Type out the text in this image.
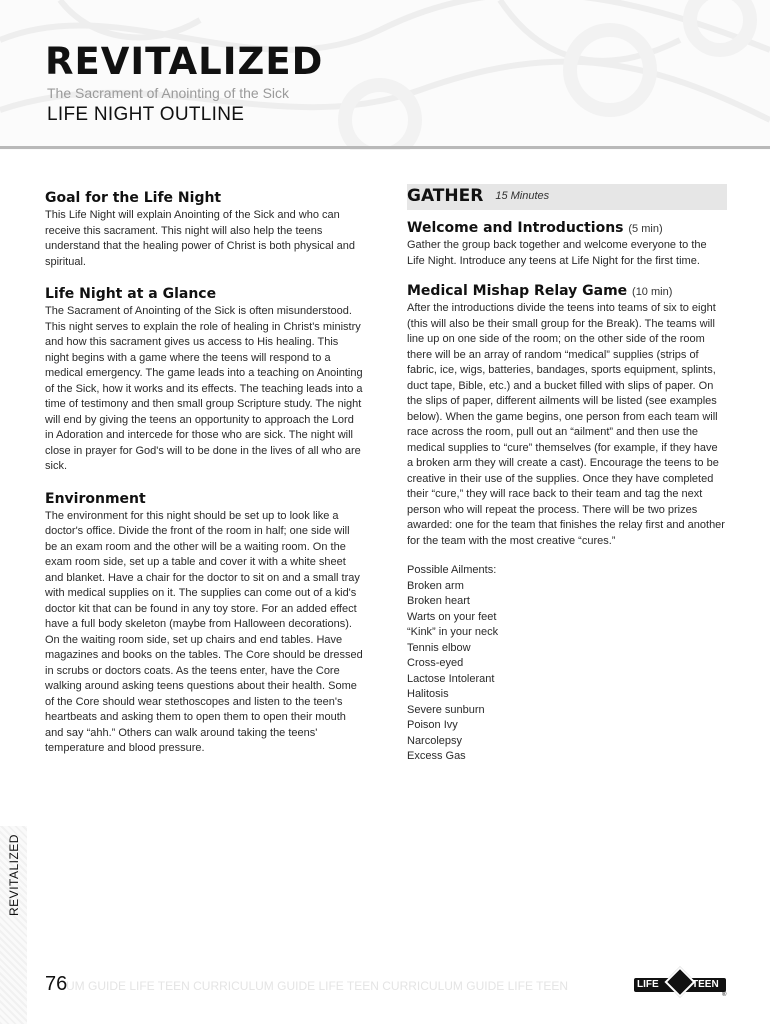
REVITALIZED
The Sacrament of Anointing of the Sick
LIFE NIGHT OUTLINE
Goal for the Life Night

This Life Night will explain Anointing of the Sick and who can receive this sacrament. This night will also help the teens understand that the healing power of Christ is both physical and spiritual.

Life Night at a Glance

The Sacrament of Anointing of the Sick is often misunderstood. This night serves to explain the role of healing in Christ's ministry and how this sacrament gives us access to His healing. This night begins with a game where the teens will respond to a medical emergency. The game leads into a teaching on Anointing of the Sick, how it works and its effects. The teaching leads into a time of testimony and then small group Scripture study. The night will end by giving the teens an opportunity to approach the Lord in Adoration and intercede for those who are sick. The night will close in prayer for God's will to be done in the lives of all who are sick.

Environment

The environment for this night should be set up to look like a doctor's office. Divide the front of the room in half; one side will be an exam room and the other will be a waiting room. On the exam room side, set up a table and cover it with a white sheet and blanket. Have a chair for the doctor to sit on and a small tray with medical supplies on it. The supplies can come out of a kid's doctor kit that can be found in any toy store. For an added effect have a full body skeleton (maybe from Halloween decorations). On the waiting room side, set up chairs and end tables. Have magazines and books on the tables. The Core should be dressed in scrubs or doctors coats. As the teens enter, have the Core walking around asking teens questions about their health. Some of the Core should wear stethoscopes and listen to the teen's heartbeats and asking them to open them to open their mouth and say “ahh.” Others can walk around taking the teens' temperature and blood pressure.

GATHER 15 Minutes
Welcome and Introductions (5 min)

Gather the group back together and welcome everyone to the Life Night. Introduce any teens at Life Night for the first time.

Medical Mishap Relay Game (10 min)

After the introductions divide the teens into teams of six to eight (this will also be their small group for the Break). The teams will line up on one side of the room; on the other side of the room there will be an array of random “medical” supplies (strips of fabric, ice, wigs, batteries, bandages, sports equipment, splints, duct tape, Bible, etc.) and a bucket filled with slips of paper. On the slips of paper, different ailments will be listed (see examples below). When the game begins, one person from each team will race across the room, pull out an “ailment” and then use the medical supplies to “cure” themselves (for example, if they have a broken arm they will create a cast). Encourage the teens to be creative in their use of the supplies. Once they have completed their “cure,” they will race back to their team and tag the next person who will repeat the process. There will be two prizes awarded: one for the team that finishes the relay first and another for the team with the most creative “cures.”

Possible Ailments:
Broken arm
Broken heart
Warts on your feet
“Kink” in your neck
Tennis elbow
Cross-eyed
Lactose Intolerant
Halitosis
Severe sunburn
Poison Ivy
Narcolepsy
Excess Gas
REVITALIZED
76
UM GUIDE LIFE TEEN CURRICULUM GUIDE LIFE TEEN CURRICULUM GUIDE LIFE TEEN	LIFE	TEEN
®
